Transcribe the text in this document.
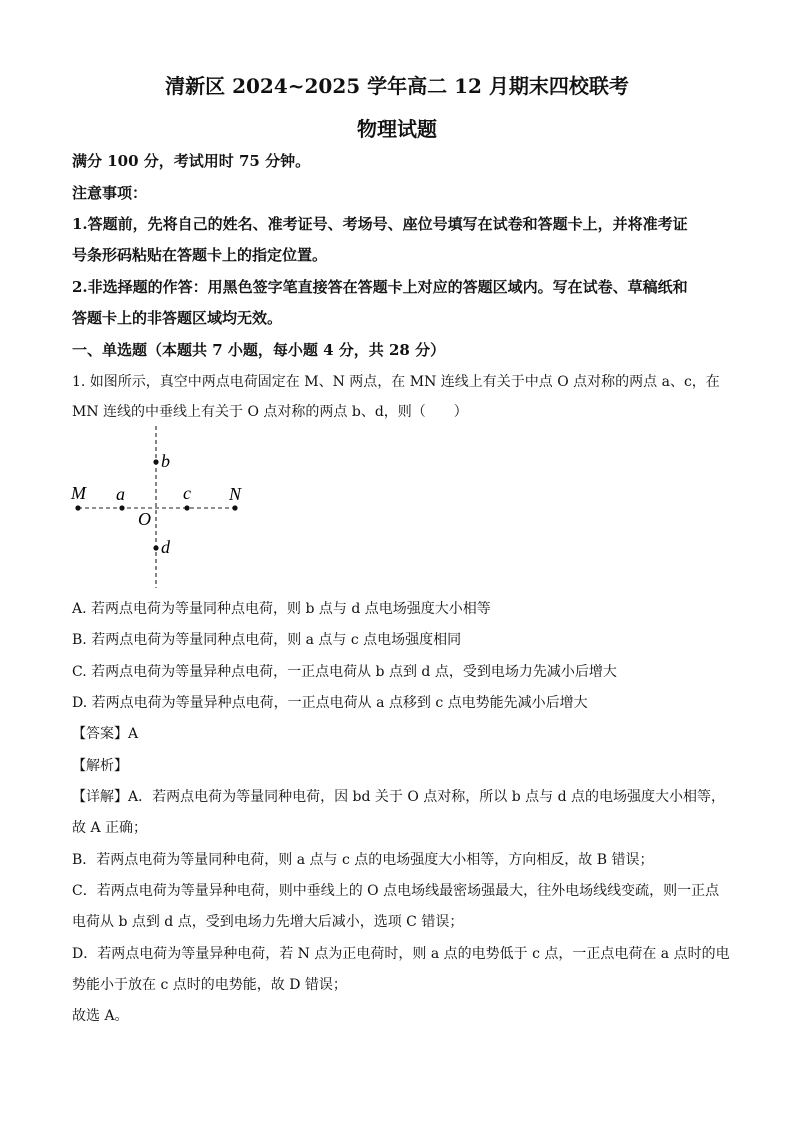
清新区 2024~2025 学年高二 12 月期末四校联考
物理试题
满分 100 分，考试用时 75 分钟。
注意事项：
1.答题前，先将自己的姓名、准考证号、考场号、座位号填写在试卷和答题卡上，并将准考证
号条形码粘贴在答题卡上的指定位置。
2.非选择题的作答：用黑色签字笔直接答在答题卡上对应的答题区域内。写在试卷、草稿纸和
答题卡上的非答题区域均无效。
一、单选题（本题共 7 小题，每小题 4 分，共 28 分）
1. 如图所示，真空中两点电荷固定在 M、N 两点，在 MN 连线上有关于中点 O 点对称的两点 a、c，在
MN 连线的中垂线上有关于 O 点对称的两点 b、d，则（　　）
M a	c N
O
b
d
A. 若两点电荷为等量同种点电荷，则 b 点与 d 点电场强度大小相等
B. 若两点电荷为等量同种点电荷，则 a 点与 c 点电场强度相同
C. 若两点电荷为等量异种点电荷，一正点电荷从 b 点到 d 点，受到电场力先减小后增大
D. 若两点电荷为等量异种点电荷，一正点电荷从 a 点移到 c 点电势能先减小后增大
【答案】A
【解析】
【详解】A．若两点电荷为等量同种电荷，因 bd 关于 O 点对称，所以 b 点与 d 点的电场强度大小相等，
故 A 正确；
B．若两点电荷为等量同种电荷，则 a 点与 c 点的电场强度大小相等，方向相反，故 B 错误；
C．若两点电荷为等量异种电荷，则中垂线上的 O 点电场线最密场强最大，往外电场线线变疏，则一正点
电荷从 b 点到 d 点，受到电场力先增大后减小，选项 C 错误；
D．若两点电荷为等量异种电荷，若 N 点为正电荷时，则 a 点的电势低于 c 点，一正点电荷在 a 点时的电
势能小于放在 c 点时的电势能，故 D 错误；
故选 A。
